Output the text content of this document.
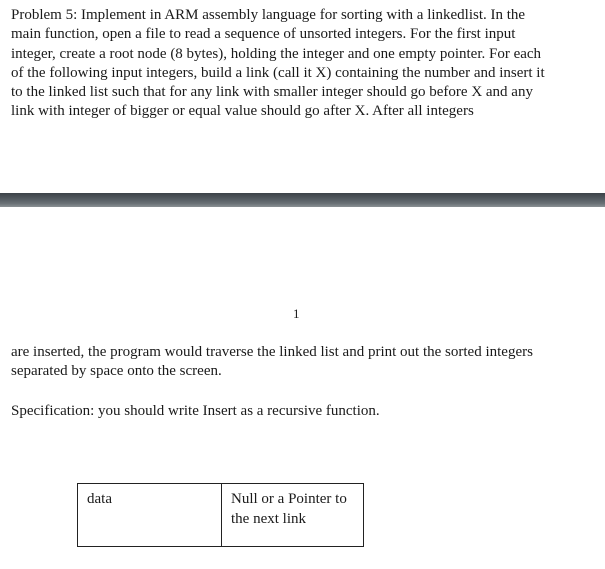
Problem 5: Implement in ARM assembly language for sorting with a linkedlist. In the
main function, open a file to read a sequence of unsorted integers. For the first input
integer, create a root node (8 bytes), holding the integer and one empty pointer. For each
of the following input integers, build a link (call it X) containing the number and insert it
to the linked list such that for any link with smaller integer should go before X and any
link with integer of bigger or equal value should go after X. After all integers
1
are inserted, the program would traverse the linked list and print out the sorted integers
separated by space onto the screen.
Specification: you should write Insert as a recursive function.
data	Null or a Pointer to
the next link
